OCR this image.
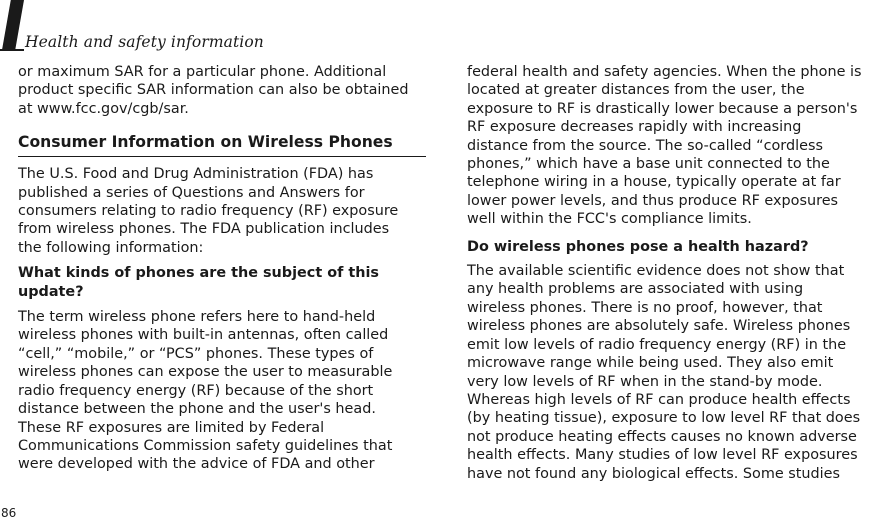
Health and safety information

or maximum SAR for a particular phone. Additional
product specific SAR information can also be obtained
at www.fcc.gov/cgb/sar.

Consumer Information on Wireless Phones

The U.S. Food and Drug Administration (FDA) has
published a series of Questions and Answers for
consumers relating to radio frequency (RF) exposure
from wireless phones. The FDA publication includes
the following information:

What kinds of phones are the subject of this
update?

The term wireless phone refers here to hand-held
wireless phones with built-in antennas, often called
“cell,” “mobile,” or “PCS” phones. These types of
wireless phones can expose the user to measurable
radio frequency energy (RF) because of the short
distance between the phone and the user's head.
These RF exposures are limited by Federal
Communications Commission safety guidelines that
were developed with the advice of FDA and other

federal health and safety agencies. When the phone is
located at greater distances from the user, the
exposure to RF is drastically lower because a person's
RF exposure decreases rapidly with increasing
distance from the source. The so-called “cordless
phones,” which have a base unit connected to the
telephone wiring in a house, typically operate at far
lower power levels, and thus produce RF exposures
well within the FCC's compliance limits.

Do wireless phones pose a health hazard?

The available scientific evidence does not show that
any health problems are associated with using
wireless phones. There is no proof, however, that
wireless phones are absolutely safe. Wireless phones
emit low levels of radio frequency energy (RF) in the
microwave range while being used. They also emit
very low levels of RF when in the stand-by mode.
Whereas high levels of RF can produce health effects
(by heating tissue), exposure to low level RF that does
not produce heating effects causes no known adverse
health effects. Many studies of low level RF exposures
have not found any biological effects. Some studies

86
